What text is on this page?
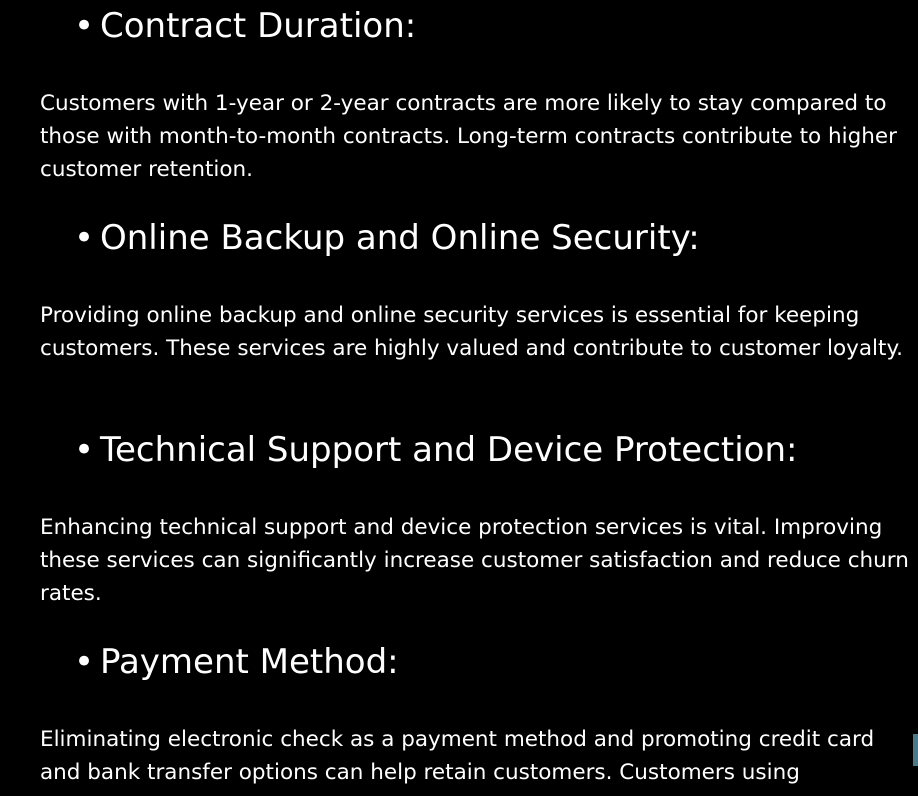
• Contract Duration:

Customers with 1-year or 2-year contracts are more likely to stay compared to those with month-to-month contracts. Long-term contracts contribute to higher customer retention.

• Online Backup and Online Security:

Providing online backup and online security services is essential for keeping customers. These services are highly valued and contribute to customer loyalty.

• Technical Support and Device Protection:

Enhancing technical support and device protection services is vital. Improving these services can significantly increase customer satisfaction and reduce churn rates.

• Payment Method:

Eliminating electronic check as a payment method and promoting credit card and bank transfer options can help retain customers. Customers using
